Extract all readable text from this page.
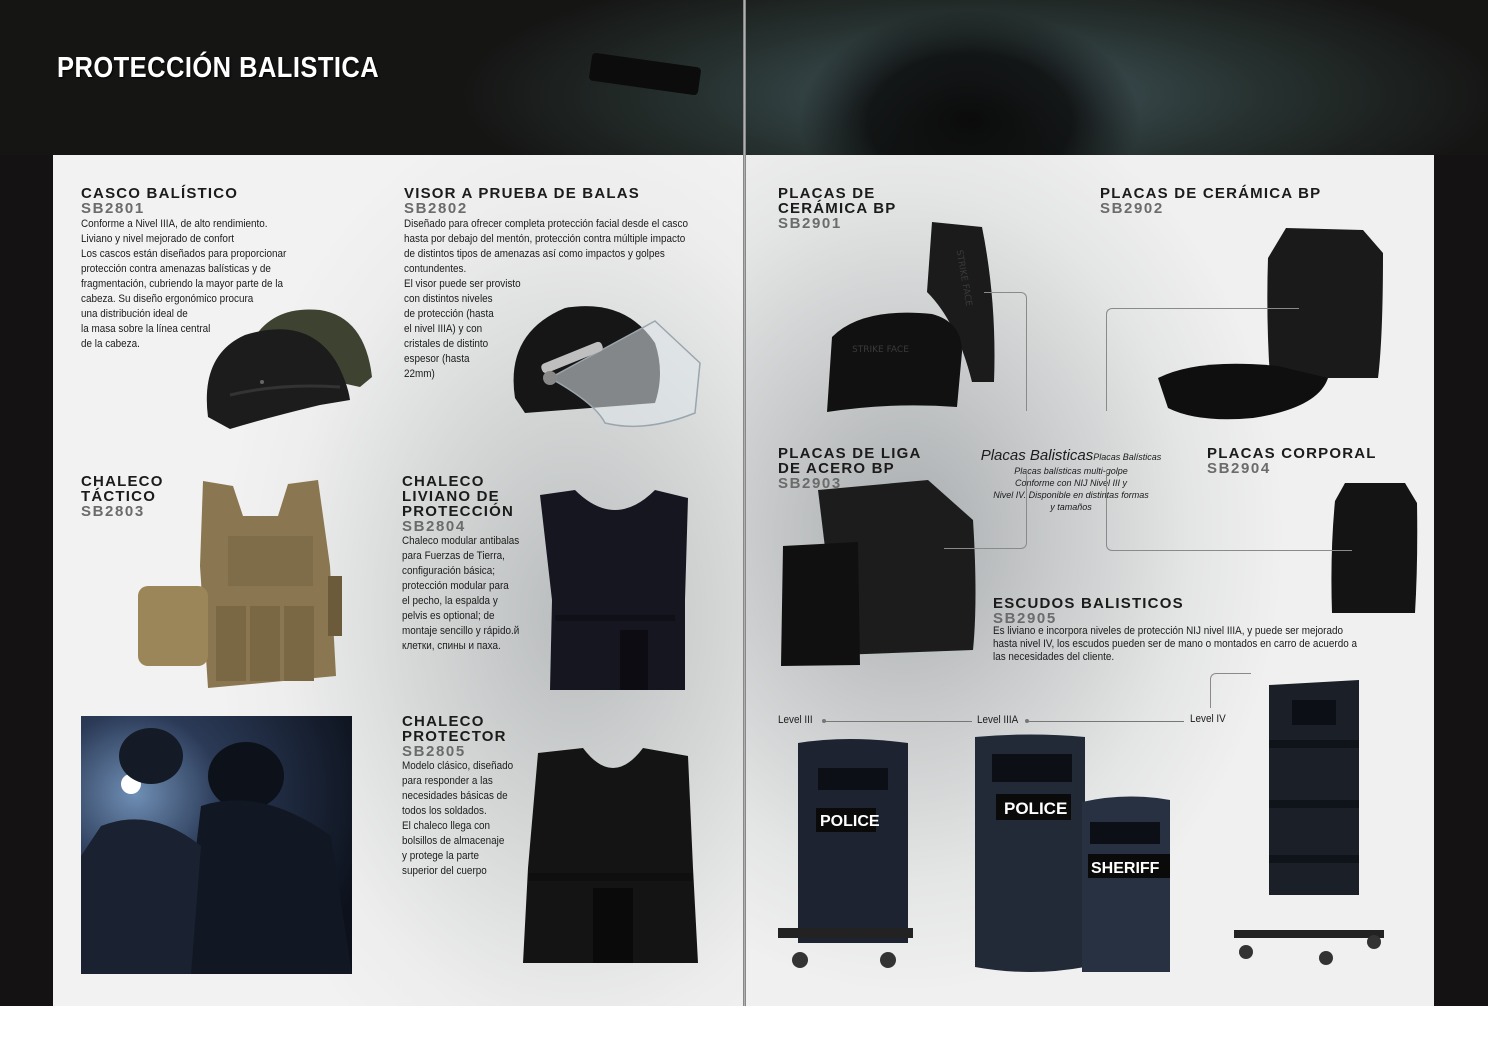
PROTECCIÓN BALISTICA
CASCO BALÍSTICO
SB2801
Conforme a Nivel IIIA, de alto rendimiento.
Liviano y nivel mejorado de confort
Los cascos están diseñados para proporcionar
protección contra amenazas balísticas y de
fragmentación, cubriendo la mayor parte de la
cabeza. Su diseño ergonómico procura
una distribución ideal de
la masa sobre la línea central
de la cabeza.
VISOR A PRUEBA DE BALAS
SB2802
Diseñado para ofrecer completa protección facial desde el casco
hasta por debajo del mentón, protección contra múltiple impacto
de distintos tipos de amenazas así como impactos y golpes
contundentes.
El visor puede ser provisto
con distintos niveles
de protección (hasta
el nivel IIIA) y con
cristales de distinto
espesor (hasta
22mm)
CHALECO
TÁCTICO
SB2803
CHALECO
LIVIANO DE
PROTECCIÓN
SB2804
Chaleco modular antibalas
para Fuerzas de Tierra,
configuración básica;
protección modular para
el pecho, la espalda y
pelvis es optional; de
montaje sencillo y rápido.й
клетки, спины и паха.
CHALECO
PROTECTOR
SB2805
Modelo clásico, diseñado
para responder a las
necesidades básicas de
todos los soldados.
El chaleco llega con
bolsillos de almacenaje
y protege la parte
superior del cuerpo
PLACAS DE
CERÁMICA BP
SB2901
STRIKE FACE
STRIKE FACE
PLACAS DE CERÁMICA BP
SB2902
PLACAS DE LIGA
DE ACERO BP
SB2903
PLACAS CORPORAL
SB2904
Placas BalisticasPlacas Balísticas
Placas balísticas multi-golpe
Conforme con NIJ Nivel III y
Nivel IV. Disponible en distintas formas
y tamaños
ESCUDOS BALISTICOS
SB2905
Es liviano e incorpora niveles de protección NIJ nivel IIIA, y puede ser mejorado
hasta nivel IV, los escudos pueden ser de mano o montados en carro de acuerdo a
las necesidades del cliente.
Level III	Level IIIA	Level IV
POLICE
POLICE
SHERIFF
